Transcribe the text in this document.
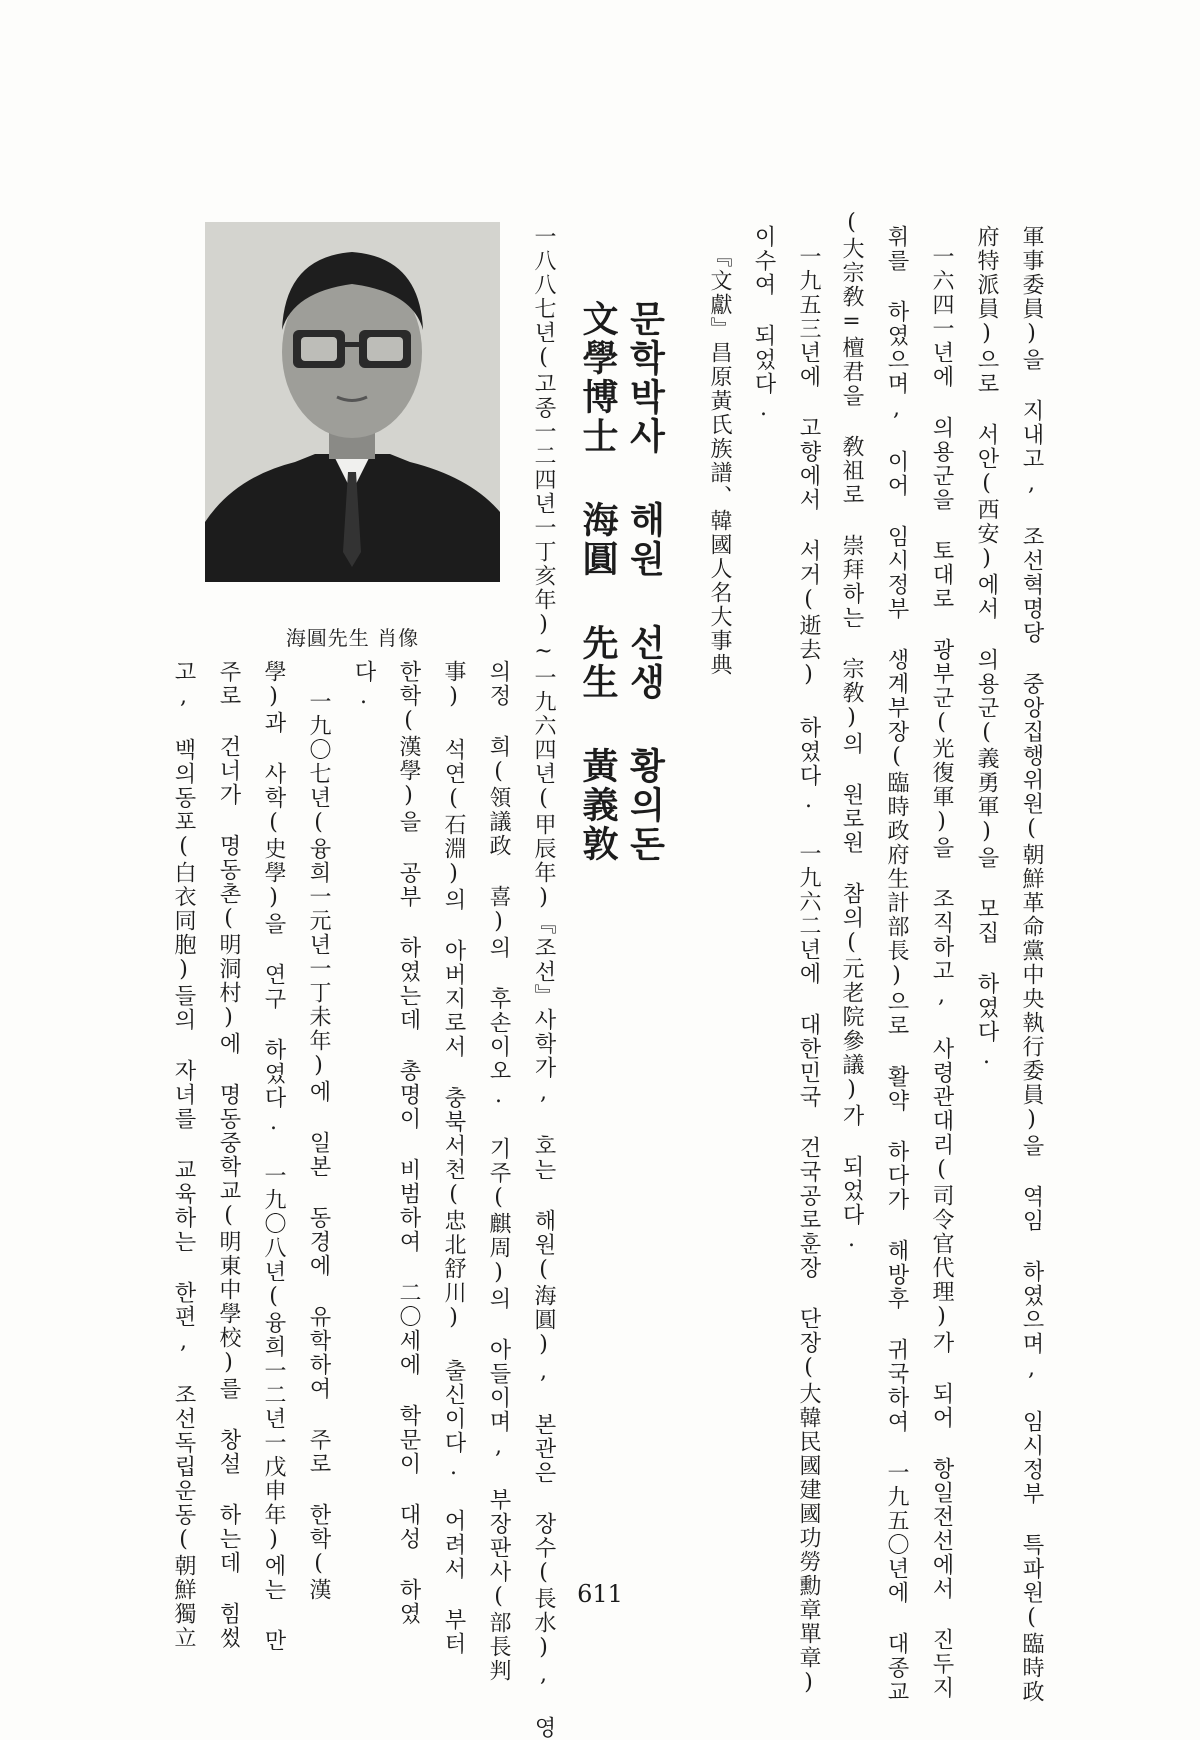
軍事委員)을 지내고, 조선혁명당 중앙집행위원(朝鮮革命黨中央執行委員)을 역임 하였으며, 임시정부 특파원(臨時政
府特派員)으로 서안(西安)에서 의용군(義勇軍)을 모집 하였다.
一六四一년에 의용군을 토대로 광부군(光復軍)을 조직하고, 사령관대리(司令官代理)가 되어 항일전선에서 진두지
휘를 하였으며, 이어 임시정부 생계부장(臨時政府生計部長)으로 활약 하다가 해방후 귀국하여 一九五〇년에 대종교
(大宗敎=檀君을 敎祖로 崇拜하는 宗敎)의 원로원 참의(元老院參議)가 되었다.
一九五三년에 고향에서 서거(逝去) 하였다. 一九六二년에 대한민국 건국공로훈장 단장(大韓民國建國功勞勳章單章)
이수여 되었다.
『文獻』昌原黃氏族譜、韓國人名大事典
문학박사 해원 선생 황의돈
文學博士 海圓 先生 黃義敦
海圓先生 肖像	一八八七년(고종一二四년一丁亥年)~一九六四년(甲辰年)『조선』사학가, 호는 해원(海圓), 본관은 장수(長水), 영
의정 희(領議政 喜)의 후손이오. 기주(麒周)의 아들이며, 부장판사(部長判
事) 석연(石淵)의 아버지로서 충북서천(忠北舒川) 출신이다. 어려서 부터
한학(漢學)을 공부 하였는데 총명이 비범하여 二〇세에 학문이 대성 하였
다.
一九〇七년(융희一元년一丁未年)에 일본 동경에 유학하여 주로 한학(漢
學)과 사학(史學)을 연구 하였다. 一九〇八년(융희一二년一戊申年)에는 만
주로 건너가 명동촌(明洞村)에 명동중학교(明東中學校)를 창설 하는데 힘썼
고, 백의동포(白衣同胞)들의 자녀를 교육하는 한편, 조선독립운동(朝鮮獨立	611
